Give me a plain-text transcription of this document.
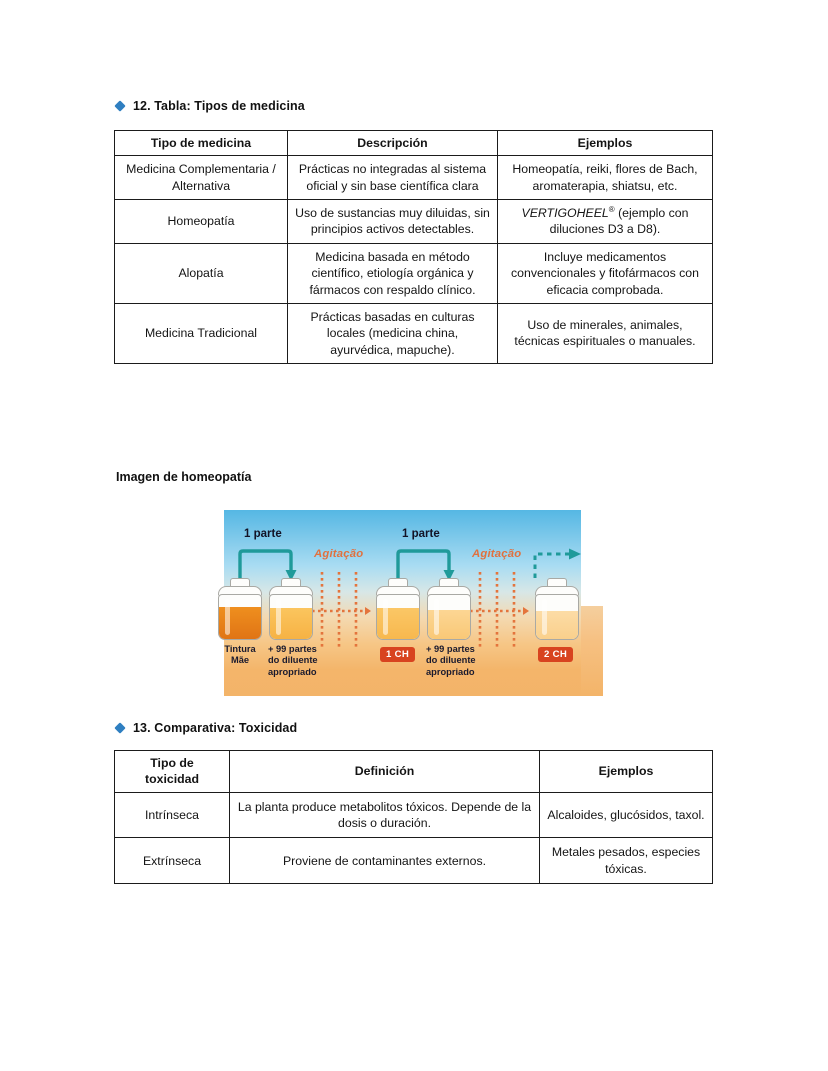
12. Tabla: Tipos de medicina
Tipo de medicina	Descripción	Ejemplos
Medicina Complementaria / Alternativa	Prácticas no integradas al sistema oficial y sin base científica clara	Homeopatía, reiki, flores de Bach, aromaterapia, shiatsu, etc.
Homeopatía	Uso de sustancias muy diluidas, sin principios activos detectables.	VERTIGOHEEL® (ejemplo con diluciones D3 a D8).
Alopatía	Medicina basada en método científico, etiología orgánica y fármacos con respaldo clínico.	Incluye medicamentos convencionales y fitofármacos con eficacia comprobada.
Medicina Tradicional	Prácticas basadas en culturas locales (medicina china, ayurvédica, mapuche).	Uso de minerales, animales, técnicas espirituales o manuales.
Imagen de homeopatía
1 parte	1 parte
Agitação	Agitação
Tintura
Mãe
+ 99 partes
do diluente
apropriado
1 CH	+ 99 partes
do diluente
apropriado
2 CH
13. Comparativa: Toxicidad
Tipo de toxicidad	Definición	Ejemplos
Intrínseca	La planta produce metabolitos tóxicos. Depende de la dosis o duración.	Alcaloides, glucósidos, taxol.
Extrínseca	Proviene de contaminantes externos.	Metales pesados, especies tóxicas.
